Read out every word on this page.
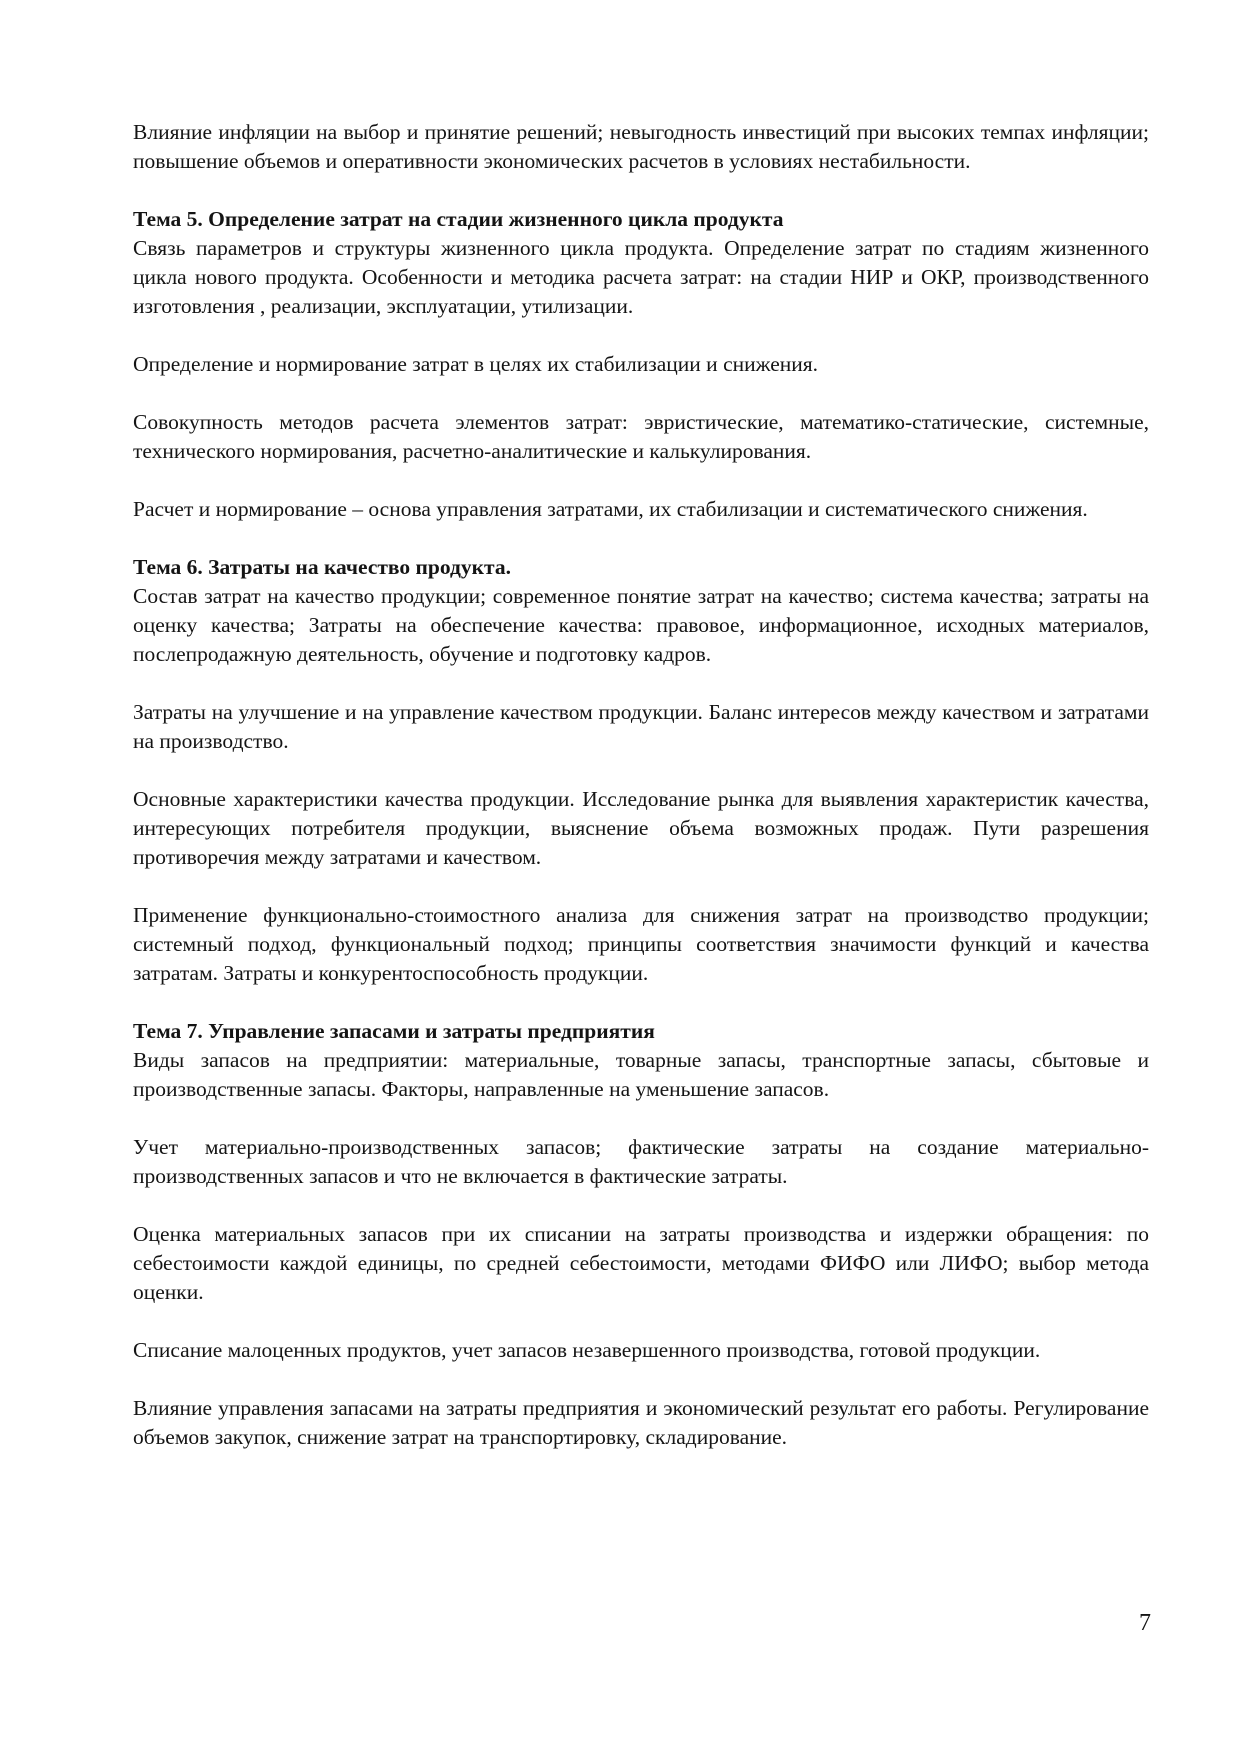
Влияние инфляции на выбор и принятие решений; невыгодность инвестиций при высоких темпах инфляции; повышение объемов и оперативности экономических расчетов в условиях нестабильности.

Тема 5. Определение затрат на стадии жизненного цикла продукта

Связь параметров и структуры жизненного цикла продукта. Определение затрат по стадиям жизненного цикла нового продукта. Особенности и методика расчета затрат: на стадии НИР и ОКР, производственного изготовления , реализации, эксплуатации, утилизации.

Определение и нормирование затрат в целях их стабилизации и снижения.

Совокупность методов расчета элементов затрат: эвристические, математико-статические, системные, технического нормирования, расчетно-аналитические и калькулирования.

Расчет и нормирование – основа управления затратами, их стабилизации и систематического снижения.

Тема 6. Затраты на качество продукта.

Состав затрат на качество продукции; современное понятие затрат на качество; система качества; затраты на оценку качества; Затраты на обеспечение качества: правовое, информационное, исходных материалов, послепродажную деятельность, обучение и подготовку кадров.

Затраты на улучшение и на управление качеством продукции. Баланс интересов между качеством и затратами на производство.

Основные характеристики качества продукции. Исследование рынка для выявления характеристик качества, интересующих потребителя продукции, выяснение объема возможных продаж. Пути разрешения противоречия между затратами и качеством.

Применение функционально-стоимостного анализа для снижения затрат на производство продукции; системный подход, функциональный подход; принципы соответствия значимости функций и качества затратам. Затраты и конкурентоспособность продукции.

Тема 7. Управление запасами и затраты предприятия

Виды запасов на предприятии: материальные, товарные запасы, транспортные запасы, сбытовые и производственные запасы. Факторы, направленные на уменьшение запасов.

Учет материально-производственных запасов; фактические затраты на создание материально-производственных запасов и что не включается в фактические затраты.

Оценка материальных запасов при их списании на затраты производства и издержки обращения: по себестоимости каждой единицы, по средней себестоимости, методами ФИФО или ЛИФО; выбор метода оценки.

Списание малоценных продуктов, учет запасов незавершенного производства, готовой продукции.

Влияние управления запасами на затраты предприятия и экономический результат его работы. Регулирование объемов закупок, снижение затрат на транспортировку, складирование.

7
